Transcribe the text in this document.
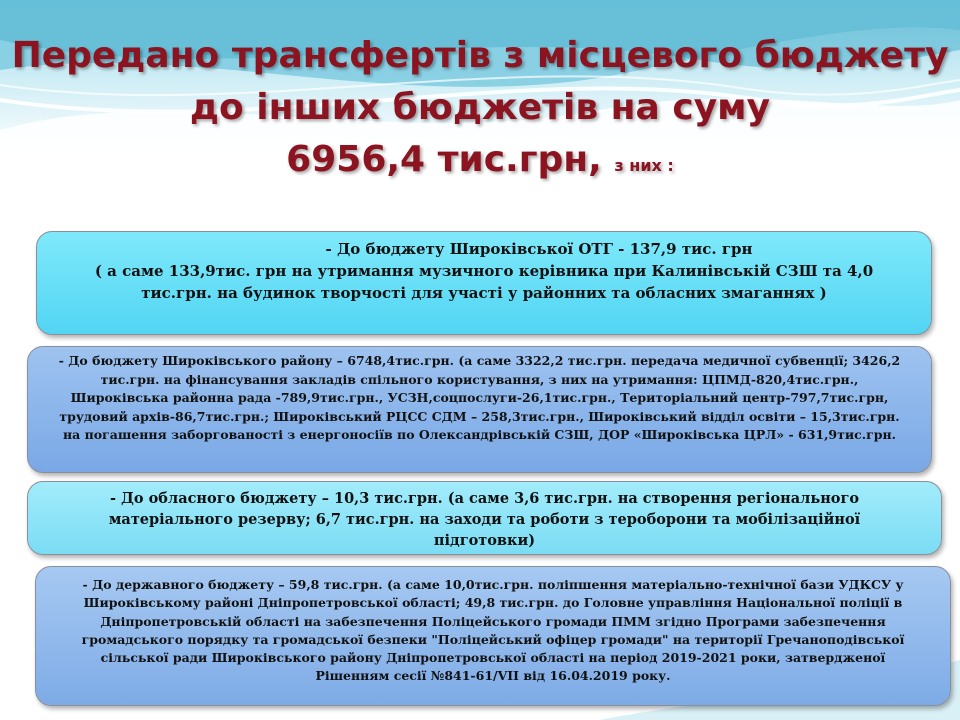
Передано трансфертів з місцевого бюджету
до інших бюджетів на суму
6956,4 тис.грн, з них :
- До бюджету Широківської ОТГ - 137,9 тис. грн
( а саме 133,9тис. грн на утримання музичного керівника при Калинівській СЗШ та 4,0 тис.грн. на будинок творчості для участі у районних та обласних змаганнях )
- До бюджету Широківського району – 6748,4тис.грн. (а саме 3322,2 тис.грн. передача медичної субвенції; 3426,2 тис.грн. на фінансування закладів спільного користування, з них на утримання: ЦПМД-820,4тис.грн., Широківська районна рада -789,9тис.грн., УСЗН,соцпослуги-26,1тис.грн., Територіальний центр-797,7тис.грн, трудовий архів-86,7тис.грн.; Широківський РЦСС СДМ – 258,3тис.грн., Широківський відділ освіти – 15,3тис.грн. на погашення заборгованості з енергоносіїв по Олександрівській СЗШ, ДОР «Широківська ЦРЛ» - 631,9тис.грн.
- До обласного бюджету – 10,3 тис.грн. (а саме 3,6 тис.грн. на створення регіонального матеріального резерву; 6,7 тис.грн. на заходи та роботи з тероборони та мобілізаційної підготовки)
- До державного бюджету – 59,8 тис.грн. (а саме 10,0тис.грн. поліпшення матеріально-технічної бази УДКСУ у Широківському районі Дніпропетровської області; 49,8 тис.грн. до Головне управління Національної поліції в Дніпропетровській області на забезпечення Поліцейського громади ПММ згідно Програми забезпечення громадського порядку та громадської безпеки "Поліцейський офіцер громади" на території Гречаноподівської сільської ради Широківського району Дніпропетровської області на період 2019-2021 роки, затвердженої Рішенням сесії №841-61/VІІ від 16.04.2019 року.
